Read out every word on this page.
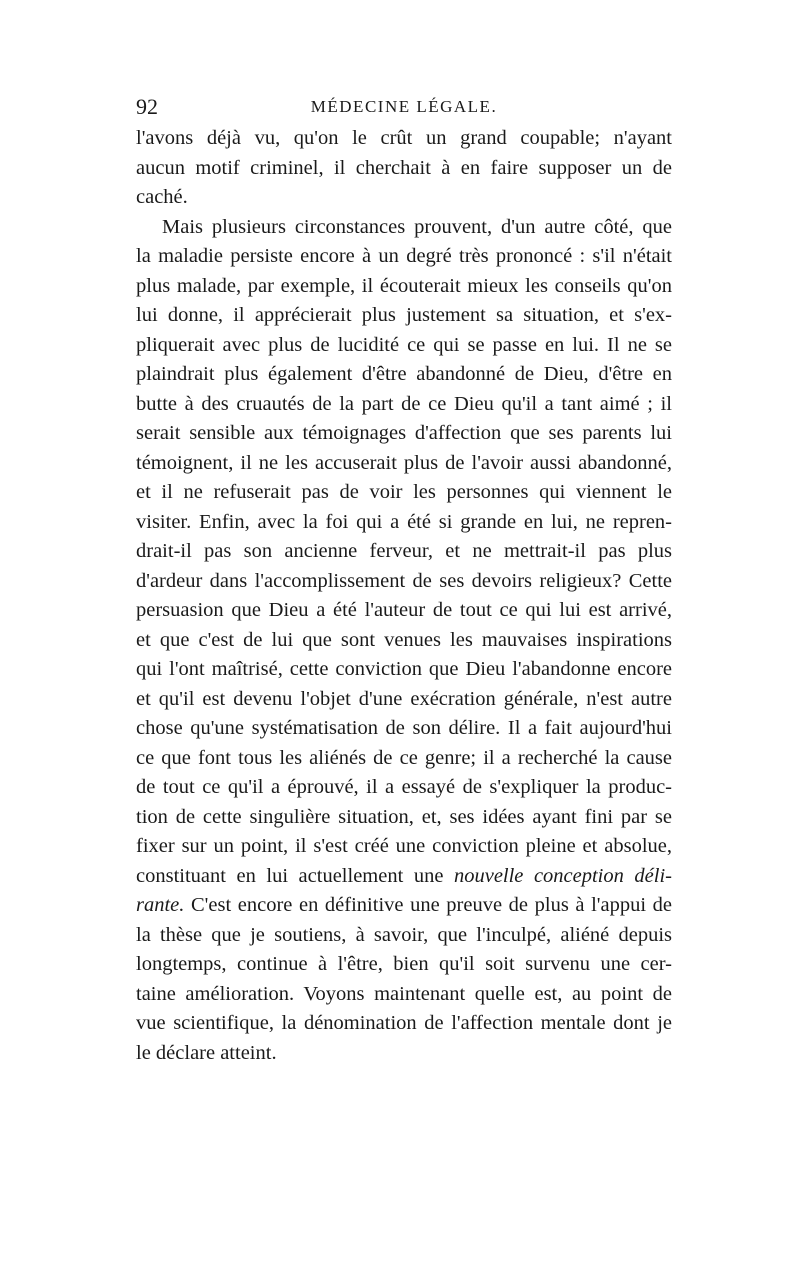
92	MÉDECINE LÉGALE.
l'avons déjà vu, qu'on le crût un grand coupable; n'ayant
aucun motif criminel, il cherchait à en faire supposer un de
caché.
Mais plusieurs circonstances prouvent, d'un autre côté, que
la maladie persiste encore à un degré très prononcé : s'il n'était
plus malade, par exemple, il écouterait mieux les conseils qu'on
lui donne, il apprécierait plus justement sa situation, et s'ex-
pliquerait avec plus de lucidité ce qui se passe en lui. Il ne se
plaindrait plus également d'être abandonné de Dieu, d'être en
butte à des cruautés de la part de ce Dieu qu'il a tant aimé ; il
serait sensible aux témoignages d'affection que ses parents lui
témoignent, il ne les accuserait plus de l'avoir aussi abandonné,
et il ne refuserait pas de voir les personnes qui viennent le
visiter. Enfin, avec la foi qui a été si grande en lui, ne repren-
drait-il pas son ancienne ferveur, et ne mettrait-il pas plus
d'ardeur dans l'accomplissement de ses devoirs religieux? Cette
persuasion que Dieu a été l'auteur de tout ce qui lui est arrivé,
et que c'est de lui que sont venues les mauvaises inspirations
qui l'ont maîtrisé, cette conviction que Dieu l'abandonne encore
et qu'il est devenu l'objet d'une exécration générale, n'est autre
chose qu'une systématisation de son délire. Il a fait aujourd'hui
ce que font tous les aliénés de ce genre; il a recherché la cause
de tout ce qu'il a éprouvé, il a essayé de s'expliquer la produc-
tion de cette singulière situation, et, ses idées ayant fini par se
fixer sur un point, il s'est créé une conviction pleine et absolue,
constituant en lui actuellement une nouvelle conception déli-
rante. C'est encore en définitive une preuve de plus à l'appui de
la thèse que je soutiens, à savoir, que l'inculpé, aliéné depuis
longtemps, continue à l'être, bien qu'il soit survenu une cer-
taine amélioration. Voyons maintenant quelle est, au point de
vue scientifique, la dénomination de l'affection mentale dont je
le déclare atteint.
